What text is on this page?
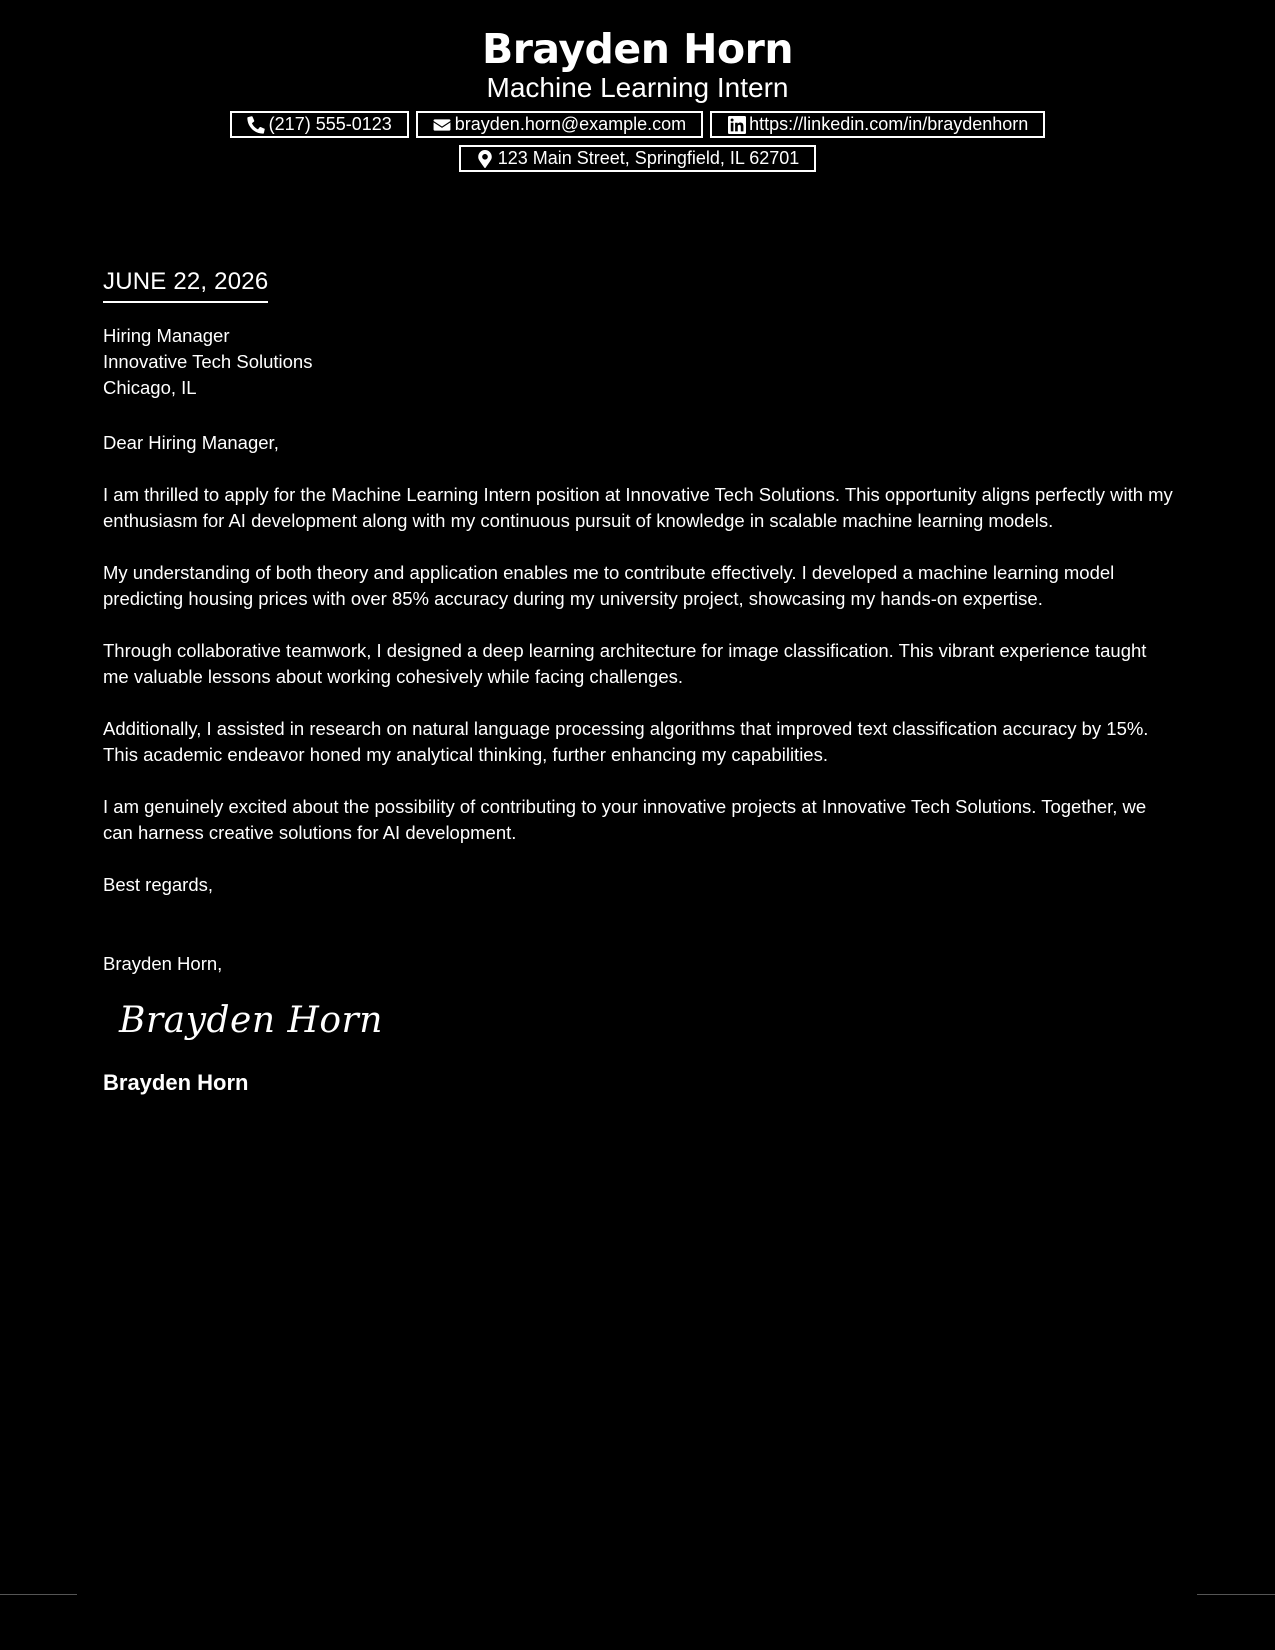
Brayden Horn
Machine Learning Intern
(217) 555-0123	brayden.horn@example.com	https://linkedin.com/in/braydenhorn
123 Main Street, Springfield, IL 62701
JUNE 22, 2026
Hiring Manager
Innovative Tech Solutions
Chicago, IL
Dear Hiring Manager,
I am thrilled to apply for the Machine Learning Intern position at Innovative Tech Solutions. This opportunity aligns perfectly with my enthusiasm for AI development along with my continuous pursuit of knowledge in scalable machine learning models.
My understanding of both theory and application enables me to contribute effectively. I developed a machine learning model predicting housing prices with over 85% accuracy during my university project, showcasing my hands-on expertise.
Through collaborative teamwork, I designed a deep learning architecture for image classification. This vibrant experience taught me valuable lessons about working cohesively while facing challenges.
Additionally, I assisted in research on natural language processing algorithms that improved text classification accuracy by 15%. This academic endeavor honed my analytical thinking, further enhancing my capabilities.
I am genuinely excited about the possibility of contributing to your innovative projects at Innovative Tech Solutions. Together, we can harness creative solutions for AI development.
Best regards,
Brayden Horn,
Brayden Horn
Brayden Horn
